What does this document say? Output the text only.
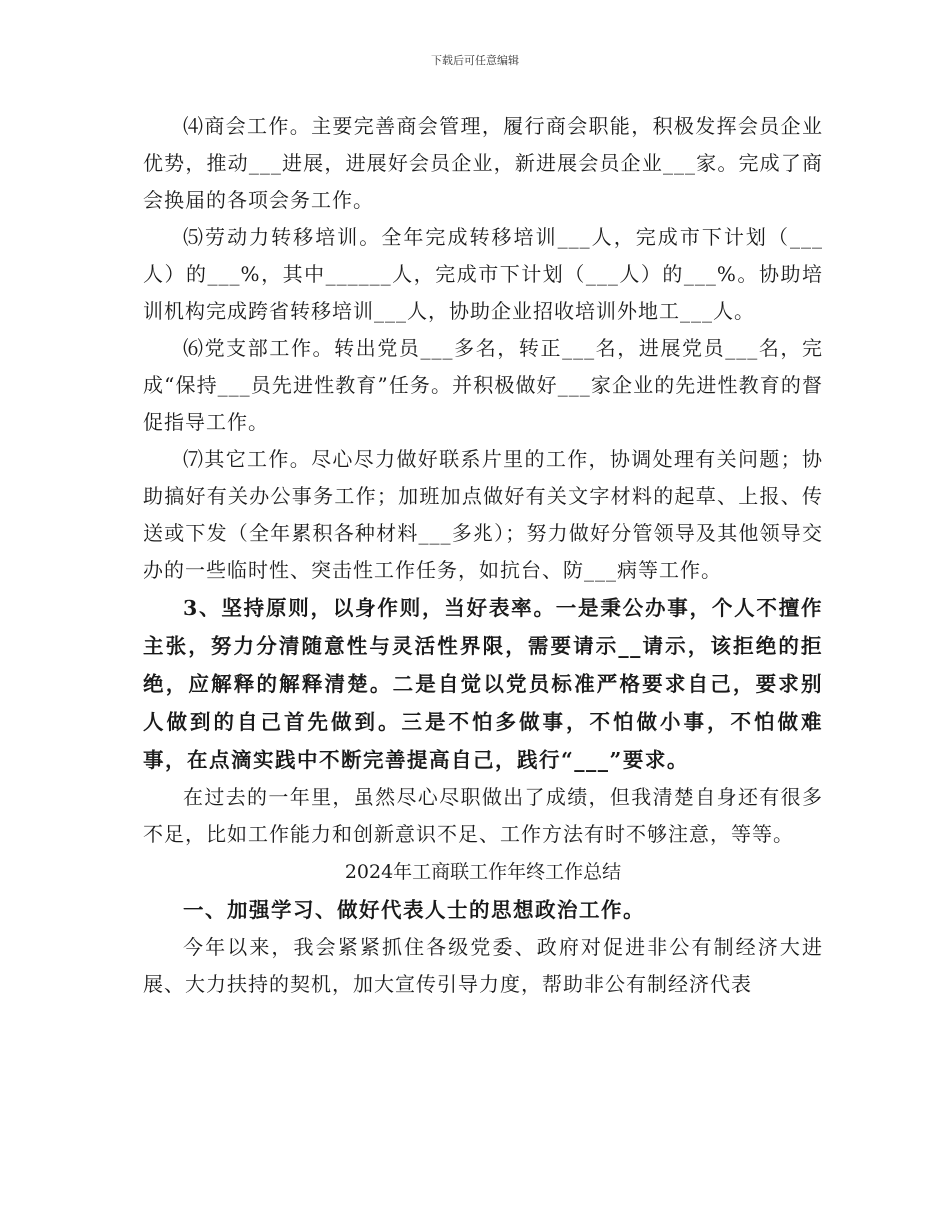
下载后可任意编辑

⑷商会工作。主要完善商会管理，履行商会职能，积极发挥会员企业优势，推动___进展，进展好会员企业，新进展会员企业___家。完成了商会换届的各项会务工作。

⑸劳动力转移培训。全年完成转移培训___人，完成市下计划（___人）的___%，其中______人，完成市下计划（___人）的___%。协助培训机构完成跨省转移培训___人，协助企业招收培训外地工___人。

⑹党支部工作。转出党员___多名，转正___名，进展党员___名，完成“保持___员先进性教育”任务。并积极做好___家企业的先进性教育的督促指导工作。

⑺其它工作。尽心尽力做好联系片里的工作，协调处理有关问题；协助搞好有关办公事务工作；加班加点做好有关文字材料的起草、上报、传送或下发（全年累积各种材料___多兆）；努力做好分管领导及其他领导交办的一些临时性、突击性工作任务，如抗台、防___病等工作。

3、坚持原则，以身作则，当好表率。一是秉公办事，个人不擅作主张，努力分清随意性与灵活性界限，需要请示__请示，该拒绝的拒绝，应解释的解释清楚。二是自觉以党员标准严格要求自己，要求别人做到的自己首先做到。三是不怕多做事，不怕做小事，不怕做难事，在点滴实践中不断完善提高自己，践行“___”要求。

在过去的一年里，虽然尽心尽职做出了成绩，但我清楚自身还有很多不足，比如工作能力和创新意识不足、工作方法有时不够注意，等等。

2024年工商联工作年终工作总结

一、加强学习、做好代表人士的思想政治工作。

今年以来，我会紧紧抓住各级党委、政府对促进非公有制经济大进展、大力扶持的契机，加大宣传引导力度，帮助非公有制经济代表
